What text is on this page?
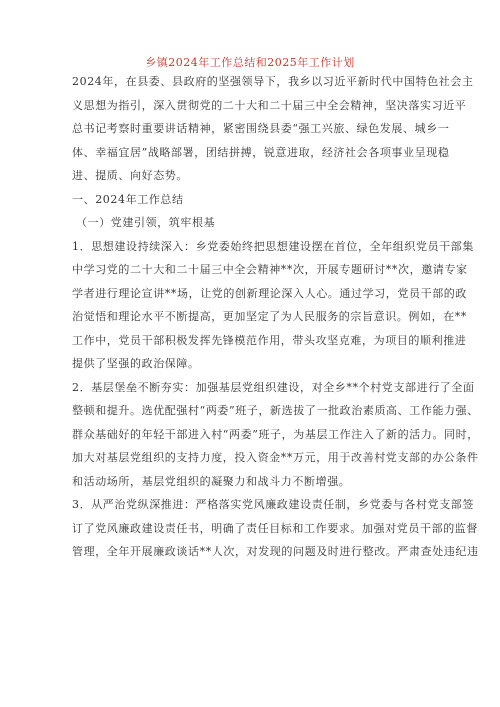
乡镇2024年工作总结和2025年工作计划
2024年，在县委、县政府的坚强领导下，我乡以习近平新时代中国特色社会主
义思想为指引，深入贯彻党的二十大和二十届三中全会精神，坚决落实习近平
总书记考察时重要讲话精神，紧密围绕县委“强工兴旅、绿色发展、城乡一
体、幸福宜居”战略部署，团结拼搏，锐意进取，经济社会各项事业呈现稳
进、提质、向好态势。
一、2024年工作总结
（一）党建引领，筑牢根基
1．思想建设持续深入：乡党委始终把思想建设摆在首位，全年组织党员干部集
中学习党的二十大和二十届三中全会精神**次，开展专题研讨**次，邀请专家
学者进行理论宣讲**场，让党的创新理论深入人心。通过学习，党员干部的政
治觉悟和理论水平不断提高，更加坚定了为人民服务的宗旨意识。例如，在**
工作中，党员干部积极发挥先锋模范作用，带头攻坚克难，为项目的顺利推进
提供了坚强的政治保障。
2．基层堡垒不断夯实：加强基层党组织建设，对全乡**个村党支部进行了全面
整顿和提升。选优配强村“两委”班子，新选拔了一批政治素质高、工作能力强、
群众基础好的年轻干部进入村“两委”班子，为基层工作注入了新的活力。同时，
加大对基层党组织的支持力度，投入资金**万元，用于改善村党支部的办公条件
和活动场所，基层党组织的凝聚力和战斗力不断增强。
3．从严治党纵深推进：严格落实党风廉政建设责任制，乡党委与各村党支部签
订了党风廉政建设责任书，明确了责任目标和工作要求。加强对党员干部的监督
管理，全年开展廉政谈话**人次，对发现的问题及时进行整改。严肃查处违纪违
